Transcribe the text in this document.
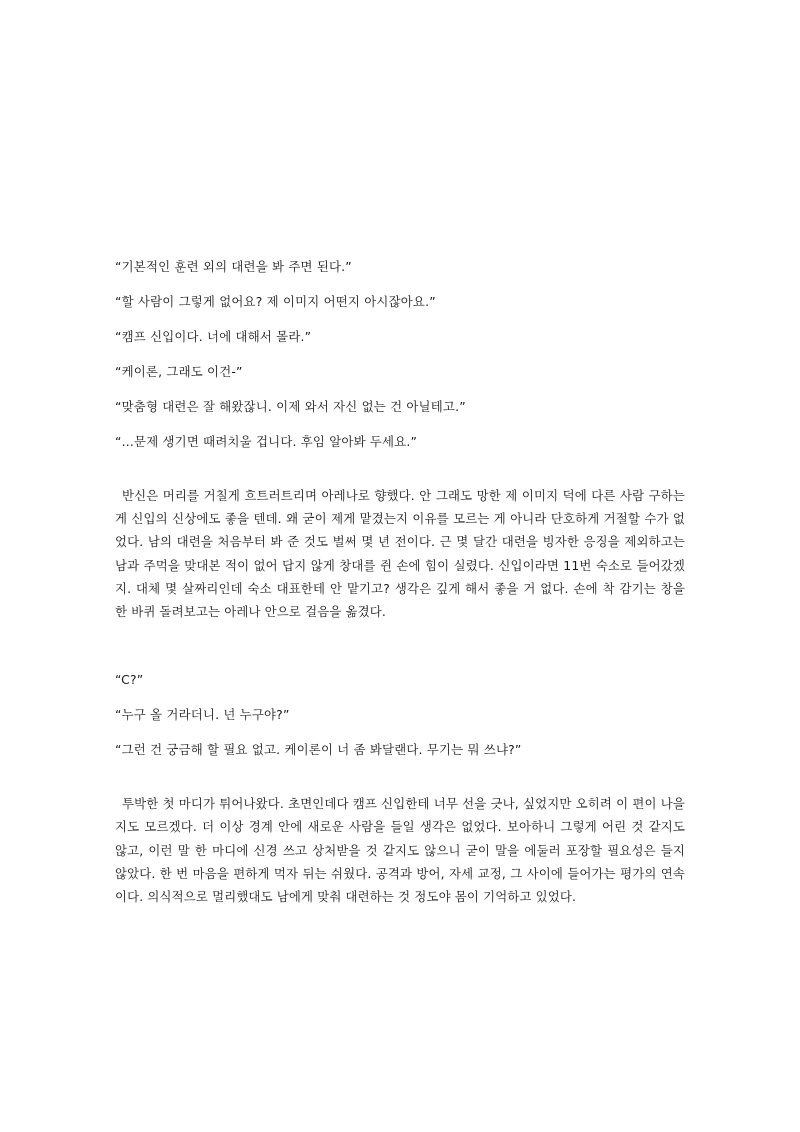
“기본적인 훈련 외의 대련을 봐 주면 된다.”

“할 사람이 그렇게 없어요? 제 이미지 어떤지 아시잖아요.”

“캠프 신입이다. 너에 대해서 몰라.”

“케이론, 그래도 이건-”

“맞춤형 대련은 잘 해왔잖니. 이제 와서 자신 없는 건 아닐테고.”

“...문제 생기면 때려치울 겁니다. 후임 알아봐 두세요.”

반신은 머리를 거칠게 흐트러트리며 아레나로 향했다. 안 그래도 망한 제 이미지 덕에 다른 사람 구하는 게 신입의 신상에도 좋을 텐데. 왜 굳이 제게 맡겼는지 이유를 모르는 게 아니라 단호하게 거절할 수가 없었다. 남의 대련을 처음부터 봐 준 것도 벌써 몇 년 전이다. 근 몇 달간 대련을 빙자한 응징을 제외하고는 남과 주먹을 맞대본 적이 없어 답지 않게 창대를 쥔 손에 힘이 실렸다. 신입이라면 11번 숙소로 들어갔겠지. 대체 몇 살짜리인데 숙소 대표한테 안 맡기고? 생각은 깊게 해서 좋을 거 없다. 손에 착 감기는 창을 한 바퀴 돌려보고는 아레나 안으로 걸음을 옮겼다.

“C?”

“누구 올 거라더니. 넌 누구야?”

“그런 건 궁금해 할 필요 없고. 케이론이 너 좀 봐달랜다. 무기는 뭐 쓰냐?”

투박한 첫 마디가 튀어나왔다. 초면인데다 캠프 신입한테 너무 선을 긋나, 싶었지만 오히려 이 편이 나을지도 모르겠다. 더 이상 경계 안에 새로운 사람을 들일 생각은 없었다. 보아하니 그렇게 어린 것 같지도 않고, 이런 말 한 마디에 신경 쓰고 상처받을 것 같지도 않으니 굳이 말을 에둘러 포장할 필요성은 들지 않았다. 한 번 마음을 편하게 먹자 뒤는 쉬웠다. 공격과 방어, 자세 교정, 그 사이에 들어가는 평가의 연속이다. 의식적으로 멀리했대도 남에게 맞춰 대련하는 것 정도야 몸이 기억하고 있었다.
